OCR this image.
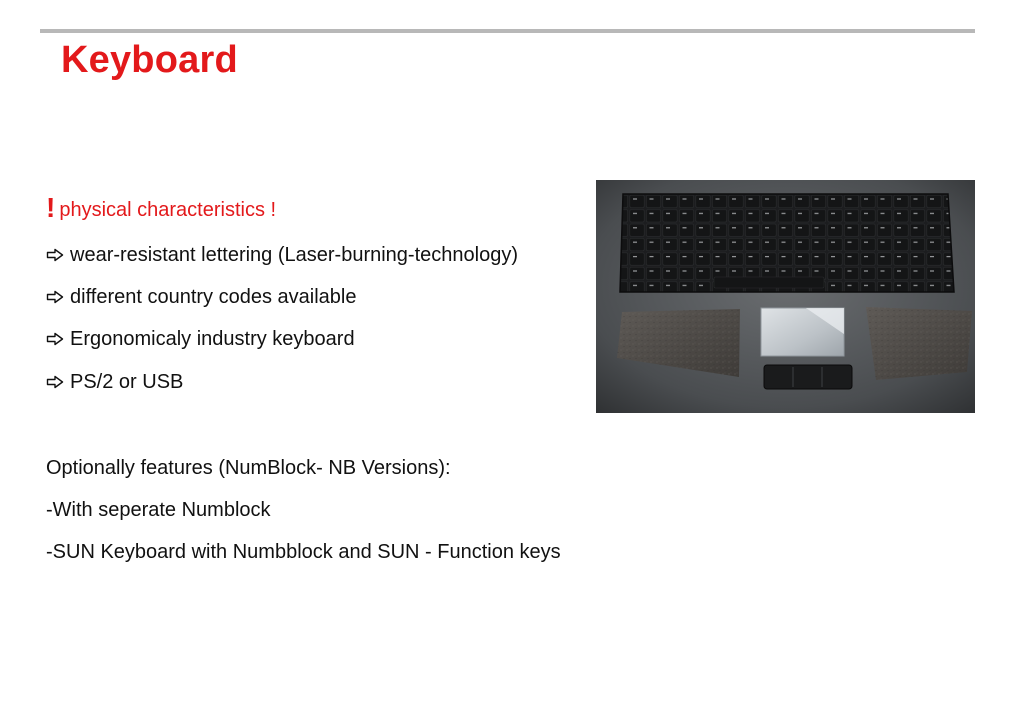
Keyboard
! physical characteristics !
wear-resistant lettering (Laser-burning-technology)
different country codes available
Ergonomicaly industry keyboard
PS/2 or USB
Optionally features (NumBlock- NB Versions):
-With seperate Numblock
-SUN Keyboard with Numbblock and SUN - Function keys
